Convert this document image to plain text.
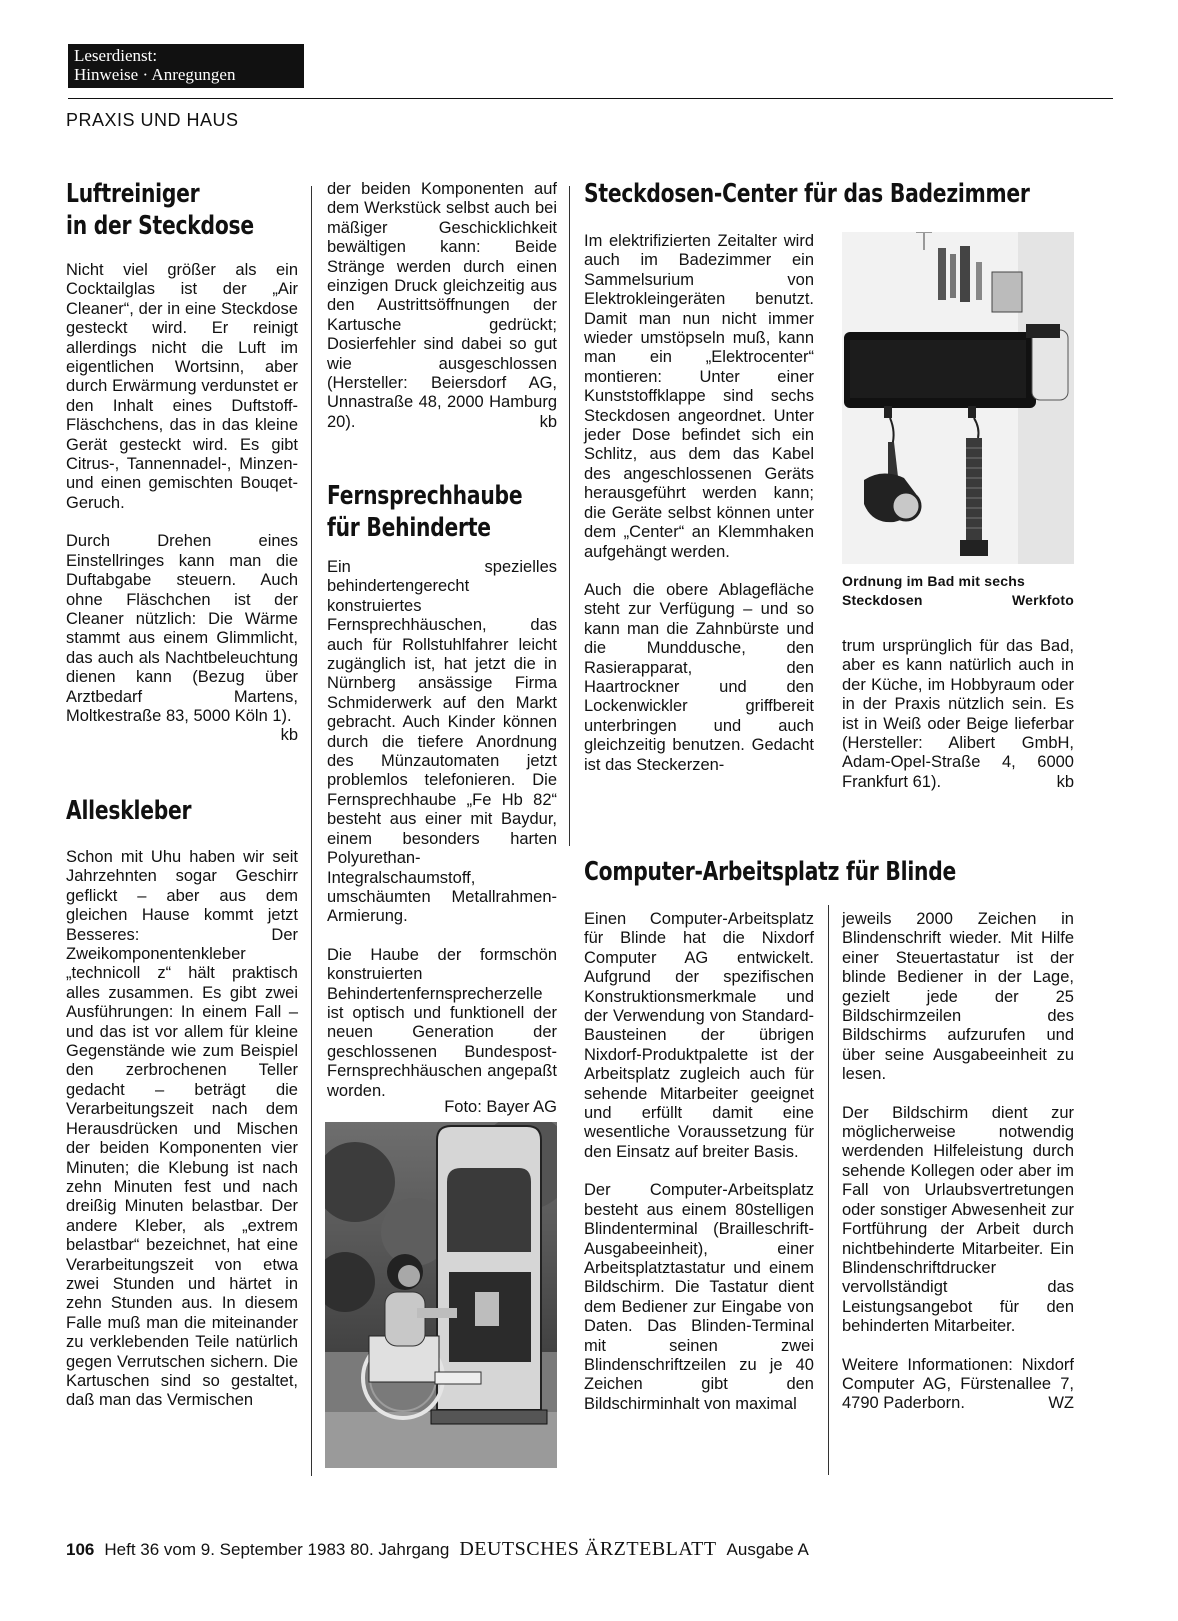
Leserdienst:
Hinweise · Anregungen
PRAXIS UND HAUS
Luftreiniger
in der Steckdose

Nicht viel größer als ein Cocktailglas ist der „Air Cleaner“, der in eine Steckdose gesteckt wird. Er reinigt allerdings nicht die Luft im eigentlichen Wortsinn, aber durch Erwärmung verdunstet er den Inhalt eines Duftstoff-Fläschchens, das in das kleine Gerät gesteckt wird. Es gibt Citrus-, Tannennadel-, Minzen- und einen gemischten Bouqet-Geruch.

Durch Drehen eines Einstellringes kann man die Duftabgabe steuern. Auch ohne Fläschchen ist der Cleaner nützlich: Die Wärme stammt aus einem Glimmlicht, das auch als Nachtbeleuchtung dienen kann (Bezug über Arztbedarf Martens, Moltkestraße 83, 5000 Köln 1).
kb

Alleskleber

Schon mit Uhu haben wir seit Jahrzehnten sogar Geschirr geflickt – aber aus dem gleichen Hause kommt jetzt Besseres: Der Zweikomponentenkleber „technicoll z“ hält praktisch alles zusammen. Es gibt zwei Ausführungen: In einem Fall – und das ist vor allem für kleine Gegenstände wie zum Beispiel den zerbrochenen Teller gedacht – beträgt die Verarbeitungszeit nach dem Herausdrücken und Mischen der beiden Komponenten vier Minuten; die Klebung ist nach zehn Minuten fest und nach dreißig Minuten belastbar. Der andere Kleber, als „extrem belastbar“ bezeichnet, hat eine Verarbeitungszeit von etwa zwei Stunden und härtet in zehn Stunden aus. In diesem Falle muß man die miteinander zu verklebenden Teile natürlich gegen Verrutschen sichern. Die Kartuschen sind so gestaltet, daß man das Vermischen

der beiden Komponenten auf dem Werkstück selbst auch bei mäßiger Geschicklichkeit bewältigen kann: Beide Stränge werden durch einen einzigen Druck gleichzeitig aus den Austrittsöffnungen der Kartusche gedrückt; Dosierfehler sind dabei so gut wie ausgeschlossen (Hersteller: Beiersdorf AG, Unnastraße 48, 2000 Hamburg 20).	kb

Fernsprechhaube
für Behinderte

Ein spezielles behindertengerecht konstruiertes Fernsprechhäuschen, das auch für Rollstuhlfahrer leicht zugänglich ist, hat jetzt die in Nürnberg ansässige Firma Schmiderwerk auf den Markt gebracht. Auch Kinder können durch die tiefere Anordnung des Münzautomaten jetzt problemlos telefonieren. Die Fernsprechhaube „Fe Hb 82“ besteht aus einer mit Baydur, einem besonders harten Polyurethan-Integralschaumstoff, umschäumten Metallrahmen-Armierung.

Die Haube der formschön konstruierten Behindertenfernsprecherzelle ist optisch und funktionell der neuen Generation der geschlossenen Bundespost-Fernsprechhäuschen angepaßt worden.

Foto: Bayer AG
Steckdosen-Center für das Badezimmer

Im elektrifizierten Zeitalter wird auch im Badezimmer ein Sammelsurium von Elektrokleingeräten benutzt. Damit man nun nicht immer wieder umstöpseln muß, kann man ein „Elektrocenter“ montieren: Unter einer Kunststoffklappe sind sechs Steckdosen angeordnet. Unter jeder Dose befindet sich ein Schlitz, aus dem das Kabel des angeschlossenen Geräts herausgeführt werden kann; die Geräte selbst können unter dem „Center“ an Klemmhaken aufgehängt werden.

Auch die obere Ablagefläche steht zur Verfügung – und so kann man die Zahnbürste und die Munddusche, den Rasierapparat, den Haartrockner und den Lockenwickler griffbereit unterbringen und auch gleichzeitig benutzen. Gedacht ist das Steckerzen-

Ordnung im Bad mit sechs
Steckdosen	Werkfoto

trum ursprünglich für das Bad, aber es kann natürlich auch in der Küche, im Hobbyraum oder in der Praxis nützlich sein. Es ist in Weiß oder Beige lieferbar (Hersteller: Alibert GmbH, Adam-Opel-Straße 4, 6000 Frankfurt 61).	kb

Computer-Arbeitsplatz für Blinde

Einen Computer-Arbeitsplatz für Blinde hat die Nixdorf Computer AG entwickelt. Aufgrund der spezifischen Konstruktionsmerkmale und der Verwendung von Standard-Bausteinen der übrigen Nixdorf-Produktpalette ist der Arbeitsplatz zugleich auch für sehende Mitarbeiter geeignet und erfüllt damit eine wesentliche Voraussetzung für den Einsatz auf breiter Basis.

Der Computer-Arbeitsplatz besteht aus einem 80stelligen Blindenterminal (Brailleschrift-Ausgabeeinheit), einer Arbeitsplatztastatur und einem Bildschirm. Die Tastatur dient dem Bediener zur Eingabe von Daten. Das Blinden-Terminal mit seinen zwei Blindenschriftzeilen zu je 40 Zeichen gibt den Bildschirminhalt von maximal

jeweils 2000 Zeichen in Blindenschrift wieder. Mit Hilfe einer Steuertastatur ist der blinde Bediener in der Lage, gezielt jede der 25 Bildschirmzeilen des Bildschirms aufzurufen und über seine Ausgabeeinheit zu lesen.

Der Bildschirm dient zur möglicherweise notwendig werdenden Hilfeleistung durch sehende Kollegen oder aber im Fall von Urlaubsvertretungen oder sonstiger Abwesenheit zur Fortführung der Arbeit durch nichtbehinderte Mitarbeiter. Ein Blindenschriftdrucker vervollständigt das Leistungsangebot für den behinderten Mitarbeiter.

Weitere Informationen: Nixdorf Computer AG, Fürstenallee 7, 4790 Paderborn.	WZ

106 Heft 36 vom 9. September 1983 80. Jahrgang DEUTSCHES ÄRZTEBLATT Ausgabe A
